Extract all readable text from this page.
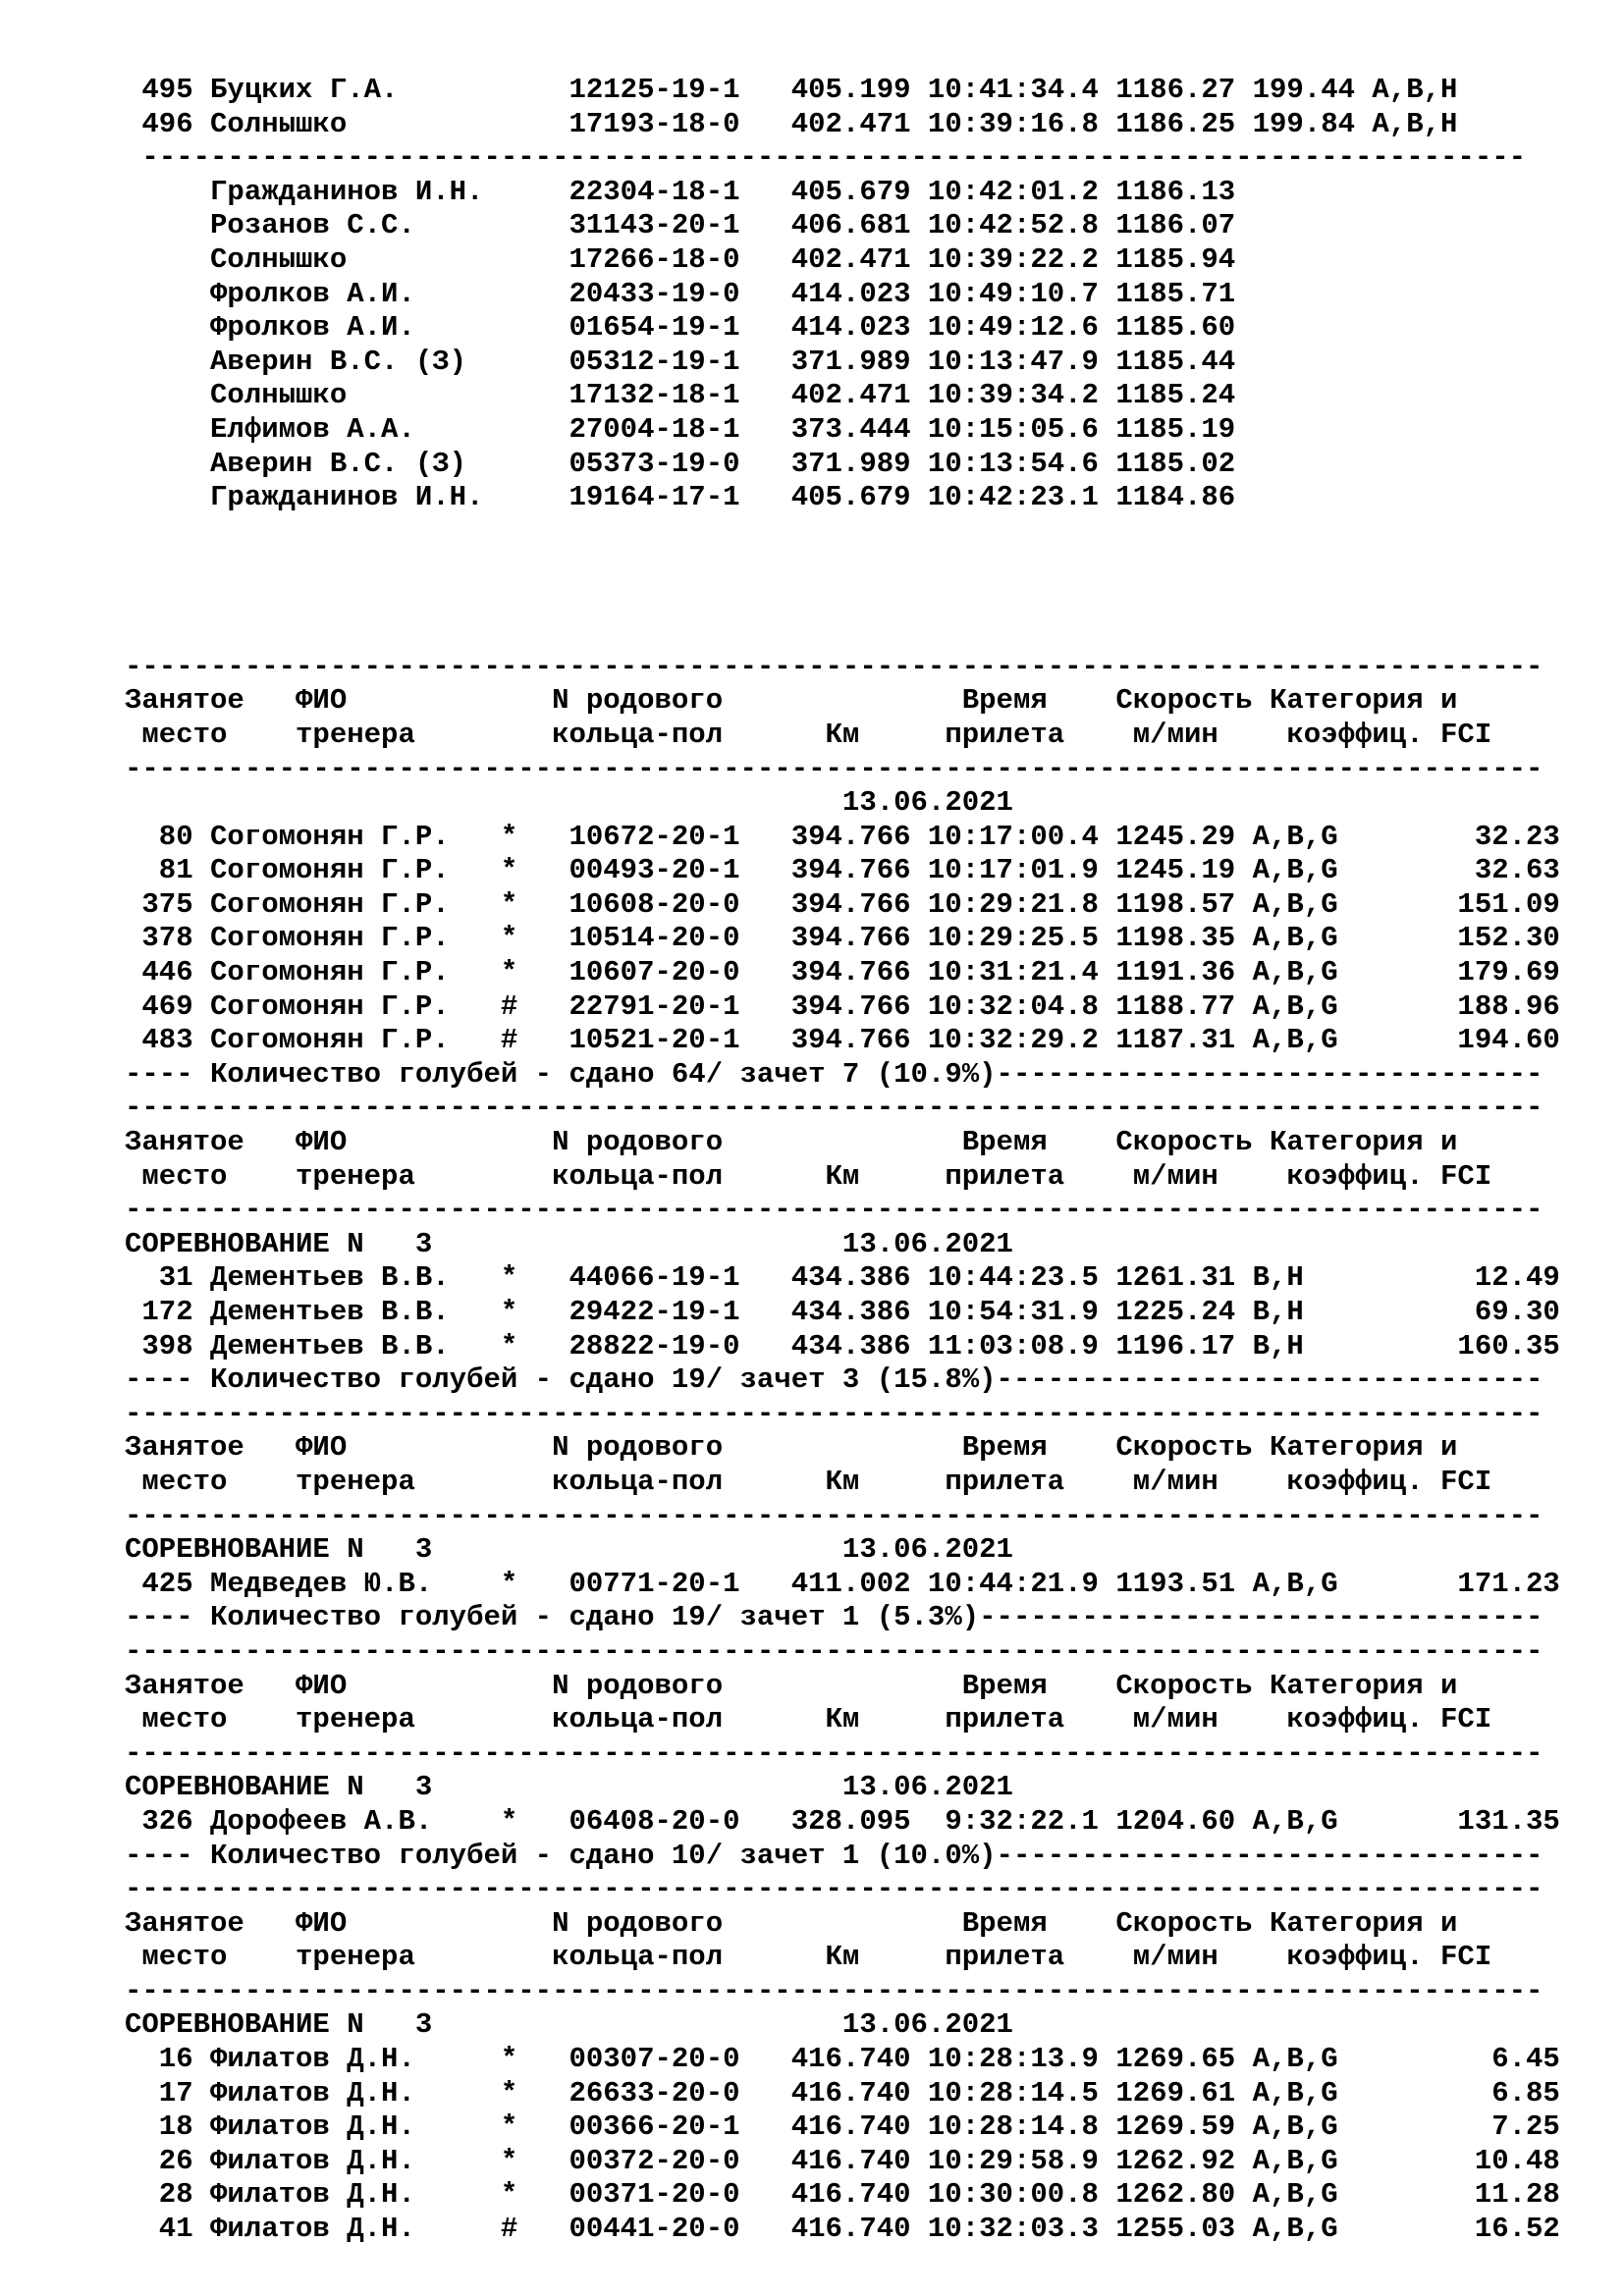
495 Буцких Г.А.          12125-19-1   405.199 10:41:34.4 1186.27 199.44 A,B,H
496 Солнышко             17193-18-0   402.471 10:39:16.8 1186.25 199.84 A,B,H
---------------------------------------------------------------------------------
Гражданинов И.Н.     22304-18-1   405.679 10:42:01.2 1186.13
Розанов С.С.         31143-20-1   406.681 10:42:52.8 1186.07
Солнышко             17266-18-0   402.471 10:39:22.2 1185.94
Фролков А.И.         20433-19-0   414.023 10:49:10.7 1185.71
Фролков А.И.         01654-19-1   414.023 10:49:12.6 1185.60
Аверин В.С. (З)      05312-19-1   371.989 10:13:47.9 1185.44
Солнышко             17132-18-1   402.471 10:39:34.2 1185.24
Елфимов А.А.         27004-18-1   373.444 10:15:05.6 1185.19
Аверин В.С. (З)      05373-19-0   371.989 10:13:54.6 1185.02
Гражданинов И.Н.     19164-17-1   405.679 10:42:23.1 1184.86
-----------------------------------------------------------------------------------
Занятое   ФИО            N родового              Время    Скорость Категория и
место    тренера        кольца-пол      Км     прилета    м/мин    коэффиц. FCI
-----------------------------------------------------------------------------------
13.06.2021
80 Согомонян Г.Р.   *   10672-20-1   394.766 10:17:00.4 1245.29 A,B,G        32.23
81 Согомонян Г.Р.   *   00493-20-1   394.766 10:17:01.9 1245.19 A,B,G        32.63
375 Согомонян Г.Р.   *   10608-20-0   394.766 10:29:21.8 1198.57 A,B,G       151.09
378 Согомонян Г.Р.   *   10514-20-0   394.766 10:29:25.5 1198.35 A,B,G       152.30
446 Согомонян Г.Р.   *   10607-20-0   394.766 10:31:21.4 1191.36 A,B,G       179.69
469 Согомонян Г.Р.   #   22791-20-1   394.766 10:32:04.8 1188.77 A,B,G       188.96
483 Согомонян Г.Р.   #   10521-20-1   394.766 10:32:29.2 1187.31 A,B,G       194.60
---- Количество голубей - сдано 64/ зачет 7 (10.9%)--------------------------------
-----------------------------------------------------------------------------------
Занятое   ФИО            N родового              Время    Скорость Категория и
место    тренера        кольца-пол      Км     прилета    м/мин    коэффиц. FCI
-----------------------------------------------------------------------------------
СОРЕВНОВАНИЕ N   3                        13.06.2021
31 Дементьев В.В.   *   44066-19-1   434.386 10:44:23.5 1261.31 B,H          12.49
172 Дементьев В.В.   *   29422-19-1   434.386 10:54:31.9 1225.24 B,H          69.30
398 Дементьев В.В.   *   28822-19-0   434.386 11:03:08.9 1196.17 B,H         160.35
---- Количество голубей - сдано 19/ зачет 3 (15.8%)--------------------------------
-----------------------------------------------------------------------------------
Занятое   ФИО            N родового              Время    Скорость Категория и
место    тренера        кольца-пол      Км     прилета    м/мин    коэффиц. FCI
-----------------------------------------------------------------------------------
СОРЕВНОВАНИЕ N   3                        13.06.2021
425 Медведев Ю.В.    *   00771-20-1   411.002 10:44:21.9 1193.51 A,B,G       171.23
---- Количество голубей - сдано 19/ зачет 1 (5.3%)---------------------------------
-----------------------------------------------------------------------------------
Занятое   ФИО            N родового              Время    Скорость Категория и
место    тренера        кольца-пол      Км     прилета    м/мин    коэффиц. FCI
-----------------------------------------------------------------------------------
СОРЕВНОВАНИЕ N   3                        13.06.2021
326 Дорофеев А.В.    *   06408-20-0   328.095  9:32:22.1 1204.60 A,B,G       131.35
---- Количество голубей - сдано 10/ зачет 1 (10.0%)--------------------------------
-----------------------------------------------------------------------------------
Занятое   ФИО            N родового              Время    Скорость Категория и
место    тренера        кольца-пол      Км     прилета    м/мин    коэффиц. FCI
-----------------------------------------------------------------------------------
СОРЕВНОВАНИЕ N   3                        13.06.2021
16 Филатов Д.Н.     *   00307-20-0   416.740 10:28:13.9 1269.65 A,B,G         6.45
17 Филатов Д.Н.     *   26633-20-0   416.740 10:28:14.5 1269.61 A,B,G         6.85
18 Филатов Д.Н.     *   00366-20-1   416.740 10:28:14.8 1269.59 A,B,G         7.25
26 Филатов Д.Н.     *   00372-20-0   416.740 10:29:58.9 1262.92 A,B,G        10.48
28 Филатов Д.Н.     *   00371-20-0   416.740 10:30:00.8 1262.80 A,B,G        11.28
41 Филатов Д.Н.     #   00441-20-0   416.740 10:32:03.3 1255.03 A,B,G        16.52
